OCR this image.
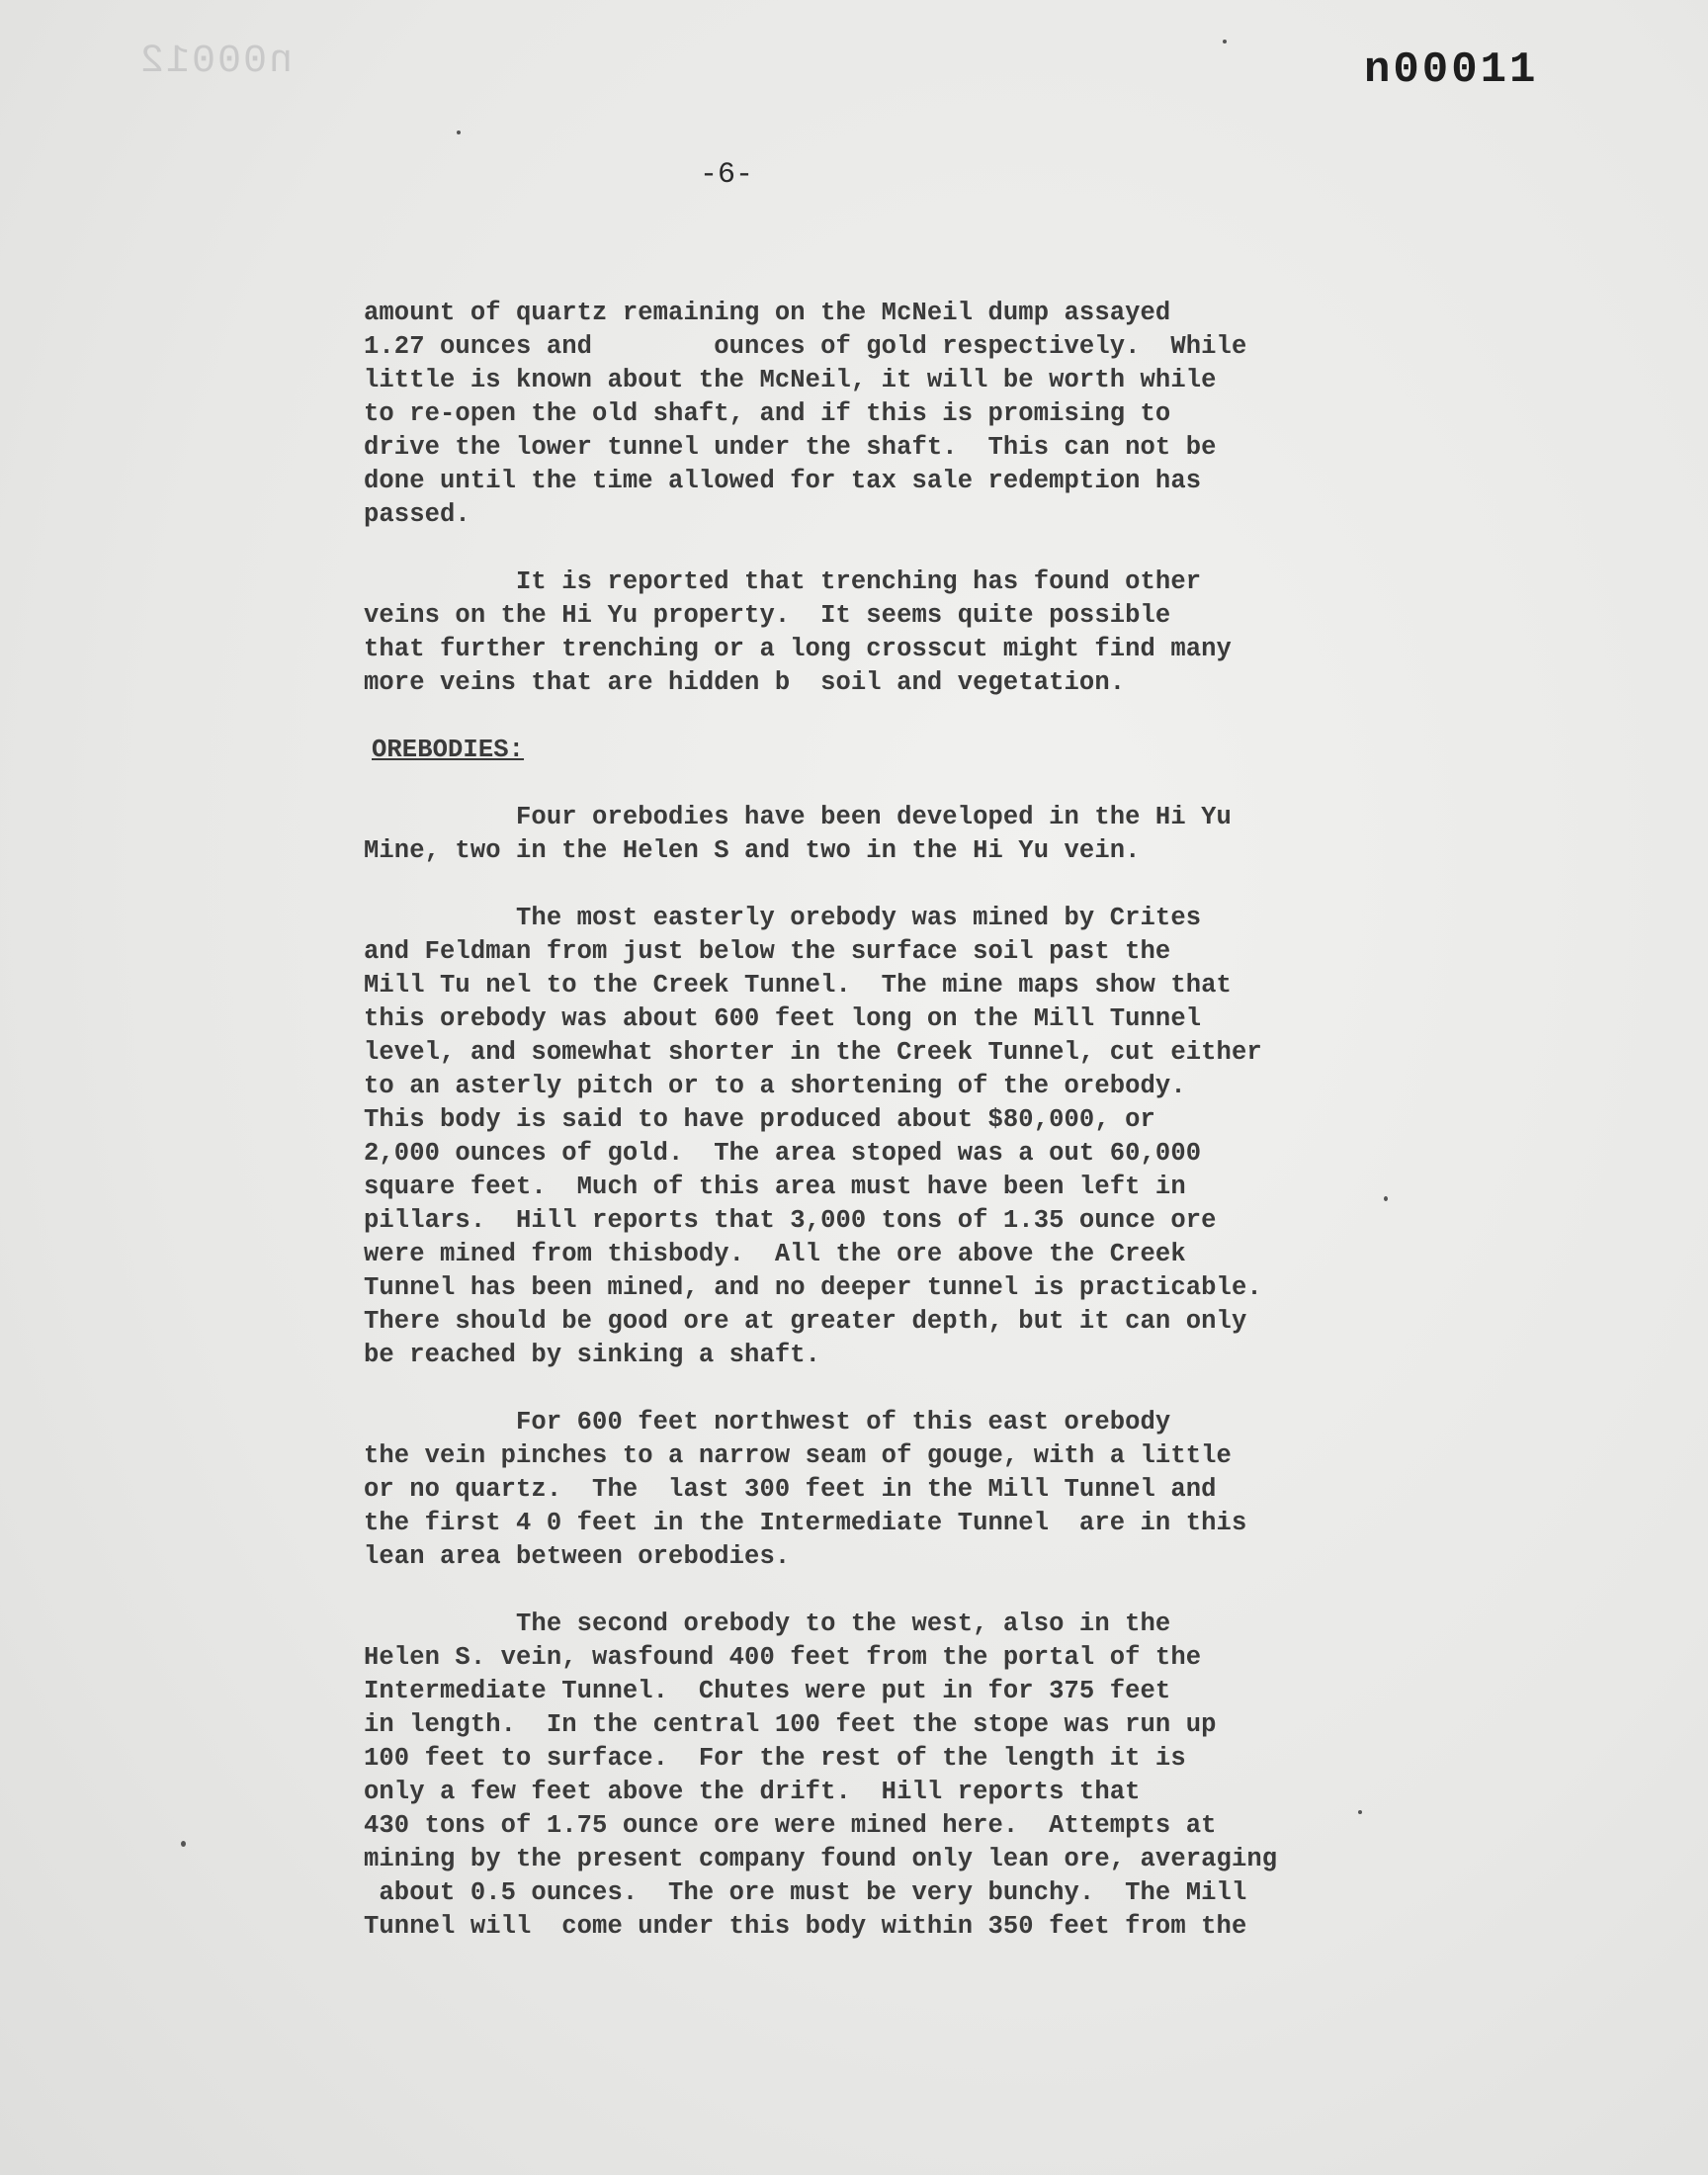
n00012	n00011
-6-
amount of quartz remaining on the McNeil dump assayed
1.27 ounces and        ounces of gold respectively.  While
little is known about the McNeil, it will be worth while
to re-open the old shaft, and if this is promising to
drive the lower tunnel under the shaft.  This can not be
done until the time allowed for tax sale redemption has
passed.
It is reported that trenching has found other
veins on the Hi Yu property.  It seems quite possible
that further trenching or a long crosscut might find many
more veins that are hidden b  soil and vegetation.
OREBODIES:
Four orebodies have been developed in the Hi Yu
Mine, two in the Helen S and two in the Hi Yu vein.
The most easterly orebody was mined by Crites
and Feldman from just below the surface soil past the
Mill Tu nel to the Creek Tunnel.  The mine maps show that
this orebody was about 600 feet long on the Mill Tunnel
level, and somewhat shorter in the Creek Tunnel, cut either
to an asterly pitch or to a shortening of the orebody.
This body is said to have produced about $80,000, or
2,000 ounces of gold.  The area stoped was a out 60,000
square feet.  Much of this area must have been left in
pillars.  Hill reports that 3,000 tons of 1.35 ounce ore
were mined from thisbody.  All the ore above the Creek
Tunnel has been mined, and no deeper tunnel is practicable.
There should be good ore at greater depth, but it can only
be reached by sinking a shaft.
For 600 feet northwest of this east orebody
the vein pinches to a narrow seam of gouge, with a little
or no quartz.  The  last 300 feet in the Mill Tunnel and
the first 4 0 feet in the Intermediate Tunnel  are in this
lean area between orebodies.
The second orebody to the west, also in the
Helen S. vein, wasfound 400 feet from the portal of the
Intermediate Tunnel.  Chutes were put in for 375 feet
in length.  In the central 100 feet the stope was run up
100 feet to surface.  For the rest of the length it is
only a few feet above the drift.  Hill reports that
430 tons of 1.75 ounce ore were mined here.  Attempts at
mining by the present company found only lean ore, averaging
about 0.5 ounces.  The ore must be very bunchy.  The Mill
Tunnel will  come under this body within 350 feet from the
